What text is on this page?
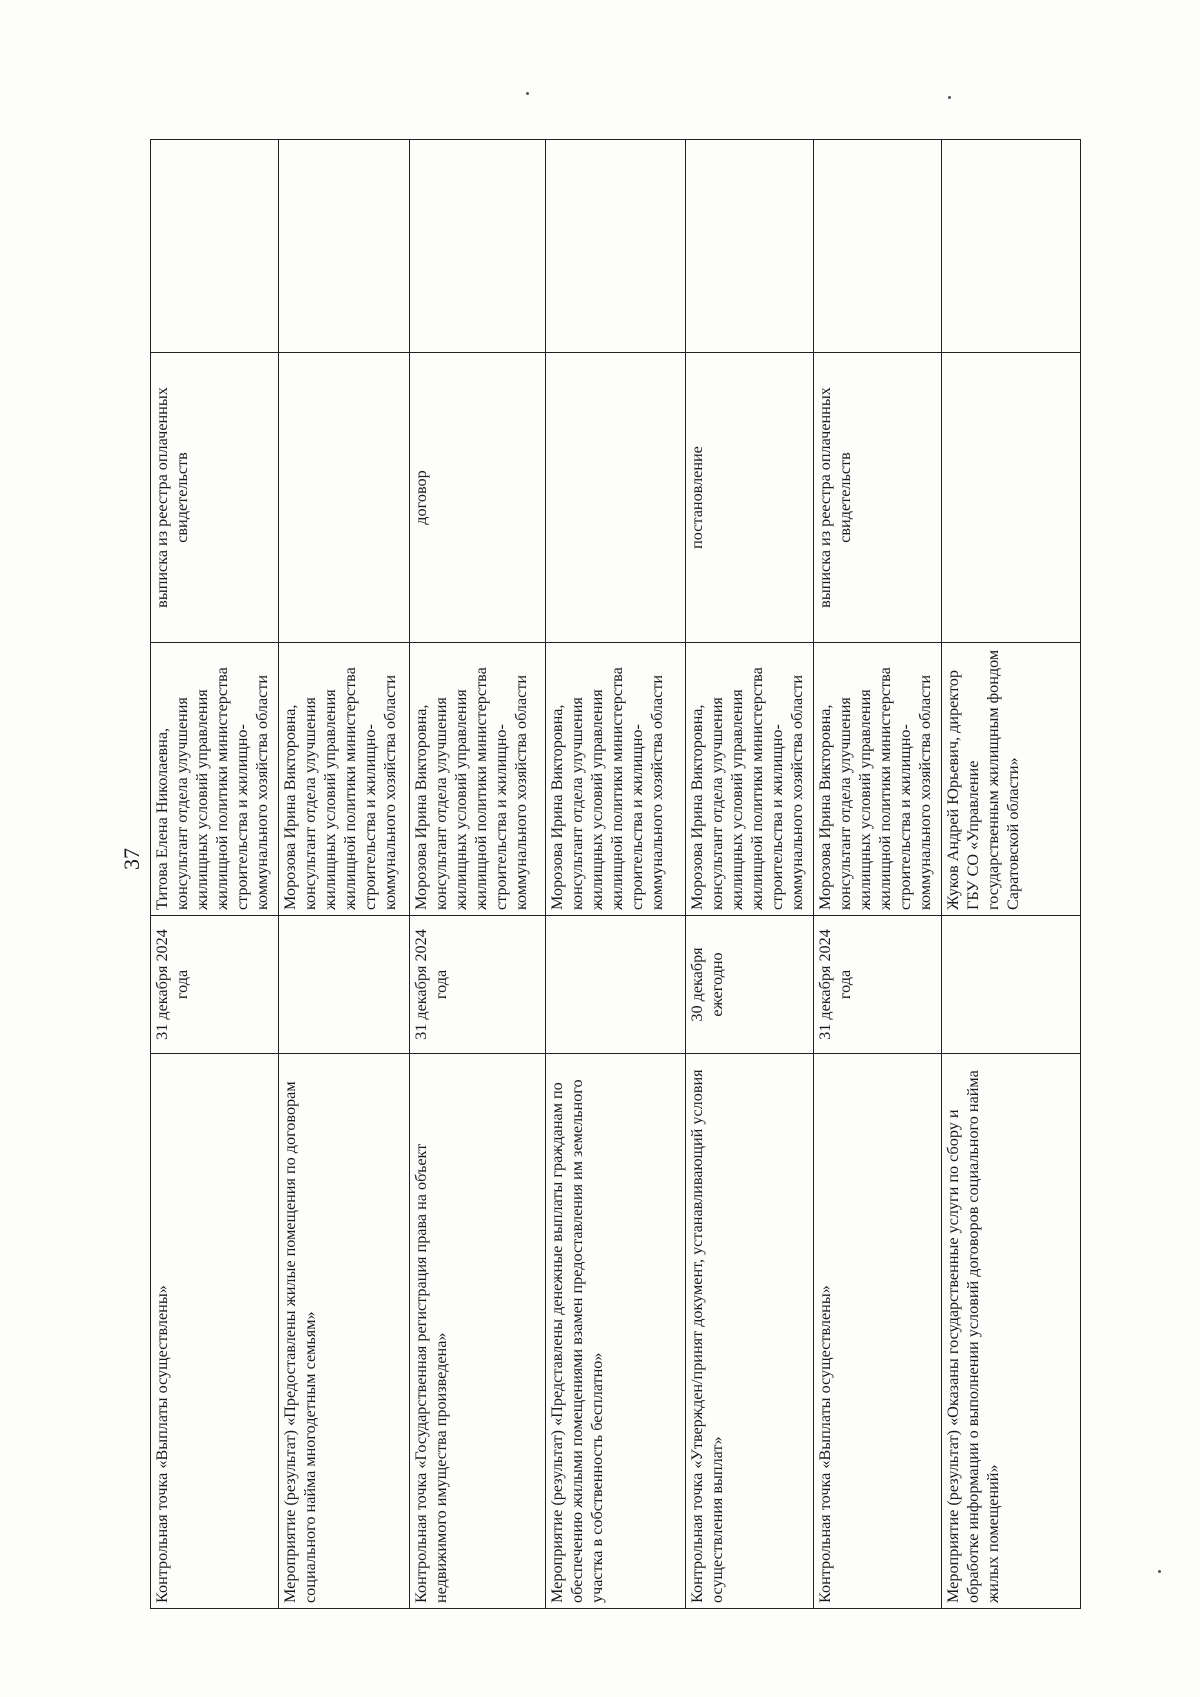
37
Контрольная точка «Выплаты осуществлены»	31 декабря 2024 года	Титова Елена Николаевна, консультант отдела улучшения жилищных условий управления жилищной политики министерства строительства и жилищно-коммунального хозяйства области	выписка из реестра оплаченных свидетельств	
Мероприятие (результат) «Предоставлены жилые помещения по договорам социального найма многодетным семьям»		Морозова Ирина Викторовна, консультант отдела улучшения жилищных условий управления жилищной политики министерства строительства и жилищно-коммунального хозяйства области		
Контрольная точка «Государственная регистрация права на объект недвижимого имущества произведена»	31 декабря 2024 года	Морозова Ирина Викторовна, консультант отдела улучшения жилищных условий управления жилищной политики министерства строительства и жилищно-коммунального хозяйства области	договор	
Мероприятие (результат) «Представлены денежные выплаты гражданам по обеспечению жилыми помещениями взамен предоставления им земельного участка в собственность бесплатно»		Морозова Ирина Викторовна, консультант отдела улучшения жилищных условий управления жилищной политики министерства строительства и жилищно-коммунального хозяйства области		
Контрольная точка «Утвержден/принят документ, устанавливающий условия осуществления выплат»	30 декабря ежегодно	Морозова Ирина Викторовна, консультант отдела улучшения жилищных условий управления жилищной политики министерства строительства и жилищно-коммунального хозяйства области	постановление	
Контрольная точка «Выплаты осуществлены»	31 декабря 2024 года	Морозова Ирина Викторовна, консультант отдела улучшения жилищных условий управления жилищной политики министерства строительства и жилищно-коммунального хозяйства области	выписка из реестра оплаченных свидетельств	
Мероприятие (результат) «Оказаны государственные услуги по сбору и обработке информации о выполнении условий договоров социального найма жилых помещений»		Жуков Андрей Юрьевич, директор ГБУ СО «Управление государственным жилищным фондом Саратовской области»		
